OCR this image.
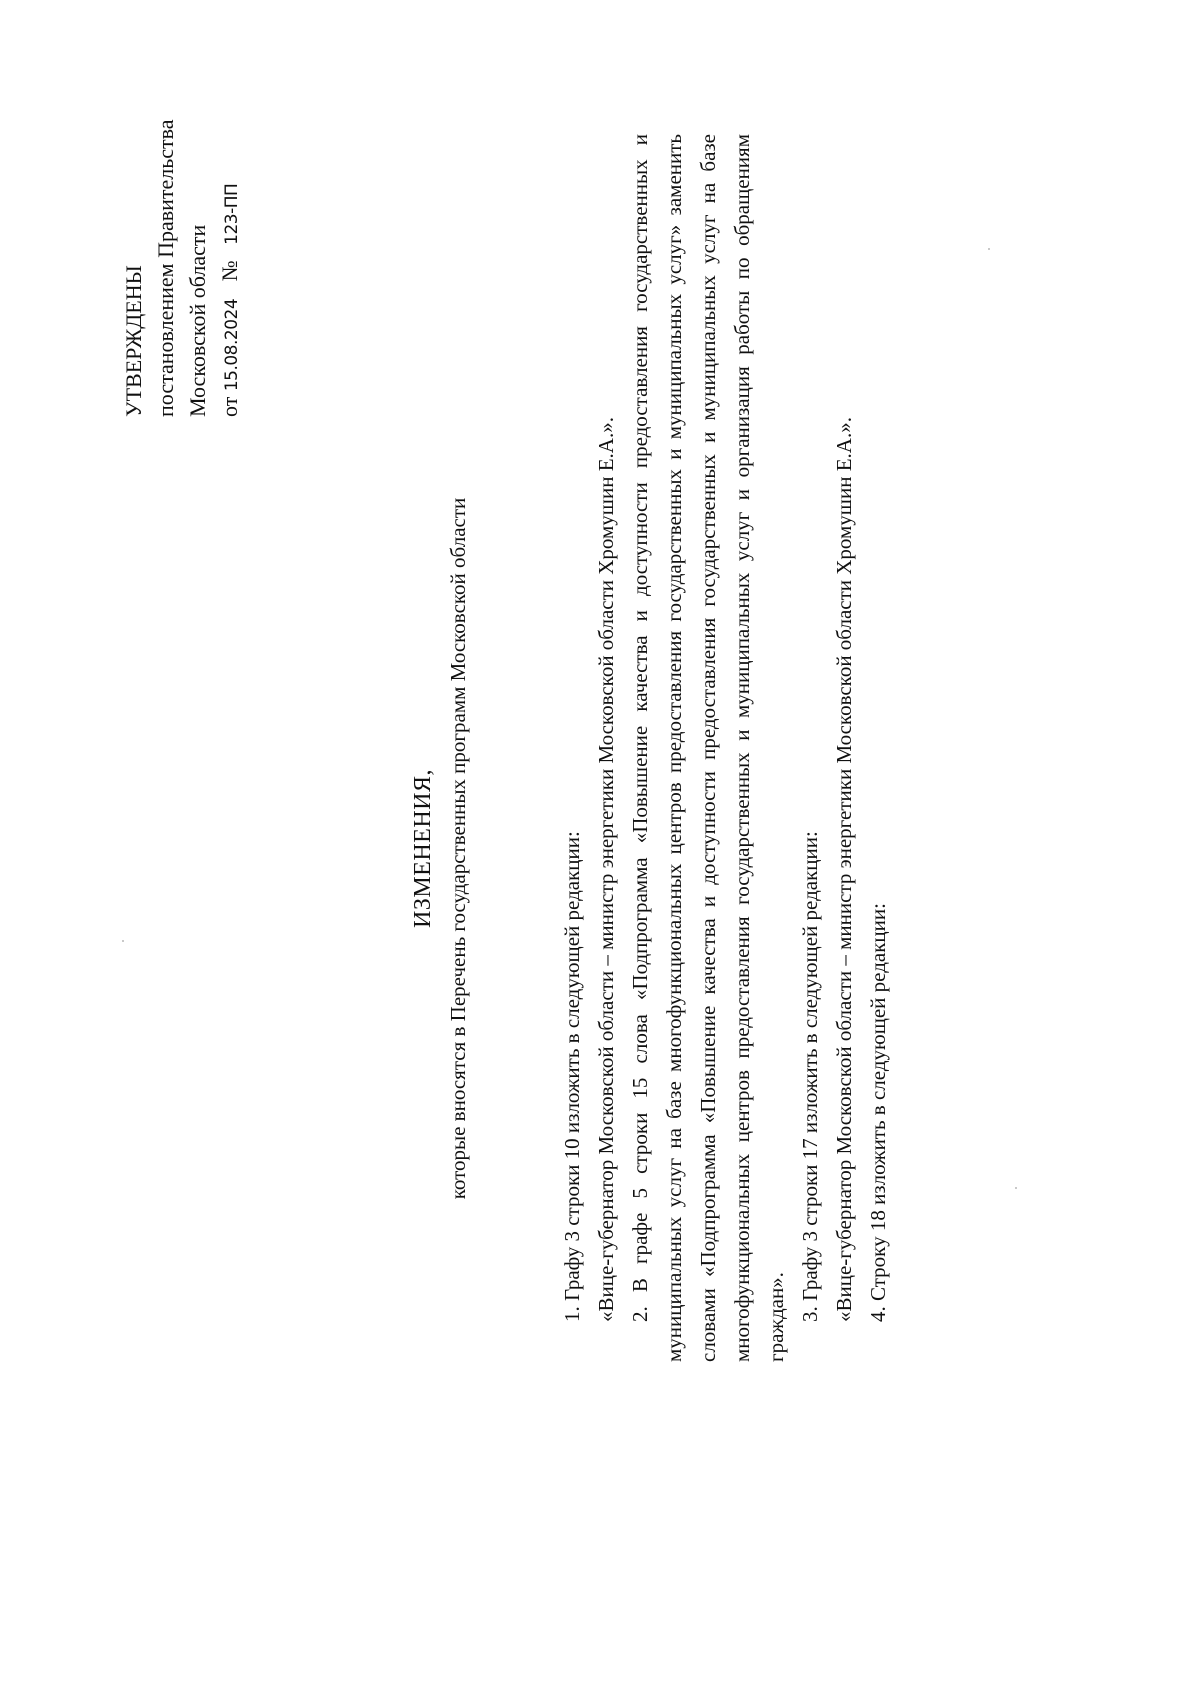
УТВЕРЖДЕНЫ постановлением Правительства Московской области от 15.08.2024 № 123-ПП
ИЗМЕНЕНИЯ, которые вносятся в Перечень государственных программ Московской области	1. Графу 3 строки 10 изложить в следующей редакции: «Вице-губернатор Московской области – министр энергетики Московской области Хромушин Е.А.». 2. В графе 5 строки 15 слова «Подпрограмма «Повышение качества и доступности предоставления государственных и муниципальных услуг на базе многофункциональных центров предоставления государственных и муниципальных услуг» заменить словами «Подпрограмма «Повышение качества и доступности предоставления государственных и муниципальных услуг на базе многофункциональных центров предоставления государственных и муниципальных услуг и организация работы по обращениям граждан». 3. Графу 3 строки 17 изложить в следующей редакции: «Вице-губернатор Московской области – министр энергетики Московской области Хромушин Е.А.». 4. Строку 18 изложить в следующей редакции:
